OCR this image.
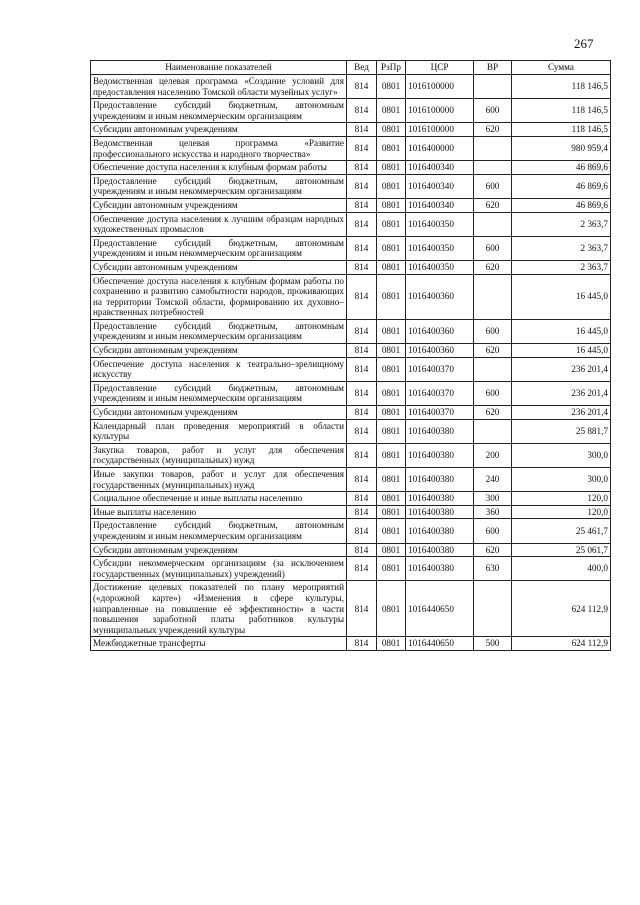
267
Наименование показателей	Вед	РзПр	ЦСР	ВР	Сумма
Ведомственная целевая программа «Создание условий для предоставления населению Томской области музейных услуг»	814	0801	1016100000		118 146,5
Предоставление субсидий бюджетным, автономным учреждениям и иным некоммерческим организациям	814	0801	1016100000	600	118 146,5
Субсидии автономным учреждениям	814	0801	1016100000	620	118 146,5
Ведомственная целевая программа «Развитие профессионального искусства и народного творчества»	814	0801	1016400000		980 959,4
Обеспечение доступа населения к клубным формам работы	814	0801	1016400340		46 869,6
Предоставление субсидий бюджетным, автономным учреждениям и иным некоммерческим организациям	814	0801	1016400340	600	46 869,6
Субсидии автономным учреждениям	814	0801	1016400340	620	46 869,6
Обеспечение доступа населения к лучшим образцам народных художественных промыслов	814	0801	1016400350		2 363,7
Предоставление субсидий бюджетным, автономным учреждениям и иным некоммерческим организациям	814	0801	1016400350	600	2 363,7
Субсидии автономным учреждениям	814	0801	1016400350	620	2 363,7
Обеспечение доступа населения к клубным формам работы по сохранению и развитию самобытности народов, проживающих на территории Томской области, формированию их духовно–нравственных потребностей	814	0801	1016400360		16 445,0
Предоставление субсидий бюджетным, автономным учреждениям и иным некоммерческим организациям	814	0801	1016400360	600	16 445,0
Субсидии автономным учреждениям	814	0801	1016400360	620	16 445,0
Обеспечение доступа населения к театрально–зрелищному искусству	814	0801	1016400370		236 201,4
Предоставление субсидий бюджетным, автономным учреждениям и иным некоммерческим организациям	814	0801	1016400370	600	236 201,4
Субсидии автономным учреждениям	814	0801	1016400370	620	236 201,4
Календарный план проведения мероприятий в области культуры	814	0801	1016400380		25 881,7
Закупка товаров, работ и услуг для обеспечения государственных (муниципальных) нужд	814	0801	1016400380	200	300,0
Иные закупки товаров, работ и услуг для обеспечения государственных (муниципальных) нужд	814	0801	1016400380	240	300,0
Социальное обеспечение и иные выплаты населению	814	0801	1016400380	300	120,0
Иные выплаты населению	814	0801	1016400380	360	120,0
Предоставление субсидий бюджетным, автономным учреждениям и иным некоммерческим организациям	814	0801	1016400380	600	25 461,7
Субсидии автономным учреждениям	814	0801	1016400380	620	25 061,7
Субсидии некоммерческим организациям (за исключением государственных (муниципальных) учреждений)	814	0801	1016400380	630	400,0
Достижение целевых показателей по плану мероприятий («дорожной карте») «Изменения в сфере культуры, направленные на повышение её эффективности» в части повышения заработной платы работников культуры муниципальных учреждений культуры	814	0801	1016440650		624 112,9
Межбюджетные трансферты	814	0801	1016440650	500	624 112,9
